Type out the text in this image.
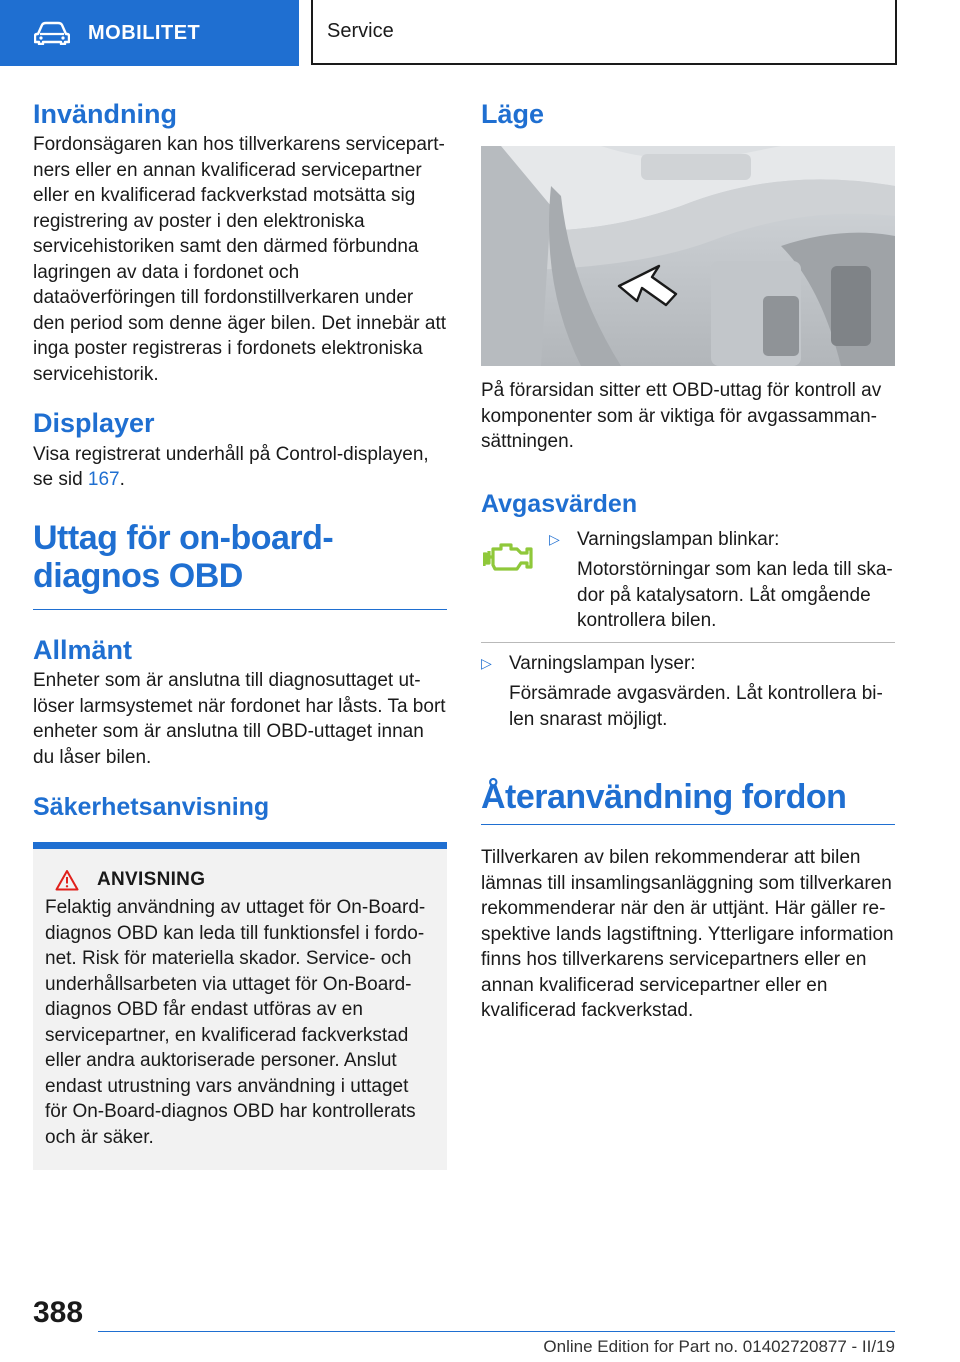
MOBILITET	Service
Invändning

Fordonsägaren kan hos tillverkarens servicepartners eller en annan kvalificerad servicepartner eller en kvalificerad fackverkstad motsätta sig registrering av poster i den elektroniska servicehistoriken samt den därmed förbundna lagringen av data i fordonet och dataöverföringen till fordonstillverkaren under den period som denne äger bilen. Det innebär att inga poster registreras i fordonets elektroniska servicehistorik.

Displayer

Visa registrerat underhåll på Control-displayen, se sid 167.

Uttag för on-board-diagnos OBD
Allmänt

Enheter som är anslutna till diagnosuttaget utlöser larmsystemet när fordonet har låsts. Ta bort enheter som är anslutna till OBD-uttaget innan du låser bilen.

Säkerhetsanvisning
ANVISNING

Felaktig användning av uttaget för On-Board-diagnos OBD kan leda till funktionsfel i fordonet. Risk för materiella skador. Service- och underhållsarbeten via uttaget för On-Board-diagnos OBD får endast utföras av en servicepartner, en kvalificerad fackverkstad eller andra auktoriserade personer. Anslut endast utrustning vars användning i uttaget för On-Board-diagnos OBD har kontrollerats och är säker.

Läge

På förarsidan sitter ett OBD-uttag för kontroll av komponenter som är viktiga för avgassammansättningen.

Avgasvärden
▷ Varningslampan blinkar:

Motorstörningar som kan leda till skador på katalysatorn. Låt omgående kontrollera bilen.

▷ Varningslampan lyser:

Försämrade avgasvärden. Låt kontrollera bilen snarast möjligt.

Återanvändning fordon

Tillverkaren av bilen rekommenderar att bilen lämnas till insamlingsanläggning som tillverkaren rekommenderar när den är uttjänt. Här gäller respektive lands lagstiftning. Ytterligare information finns hos tillverkarens servicepartners eller en annan kvalificerad servicepartner eller en kvalificerad fackverkstad.

388
Online Edition for Part no. 01402720877 - II/19
